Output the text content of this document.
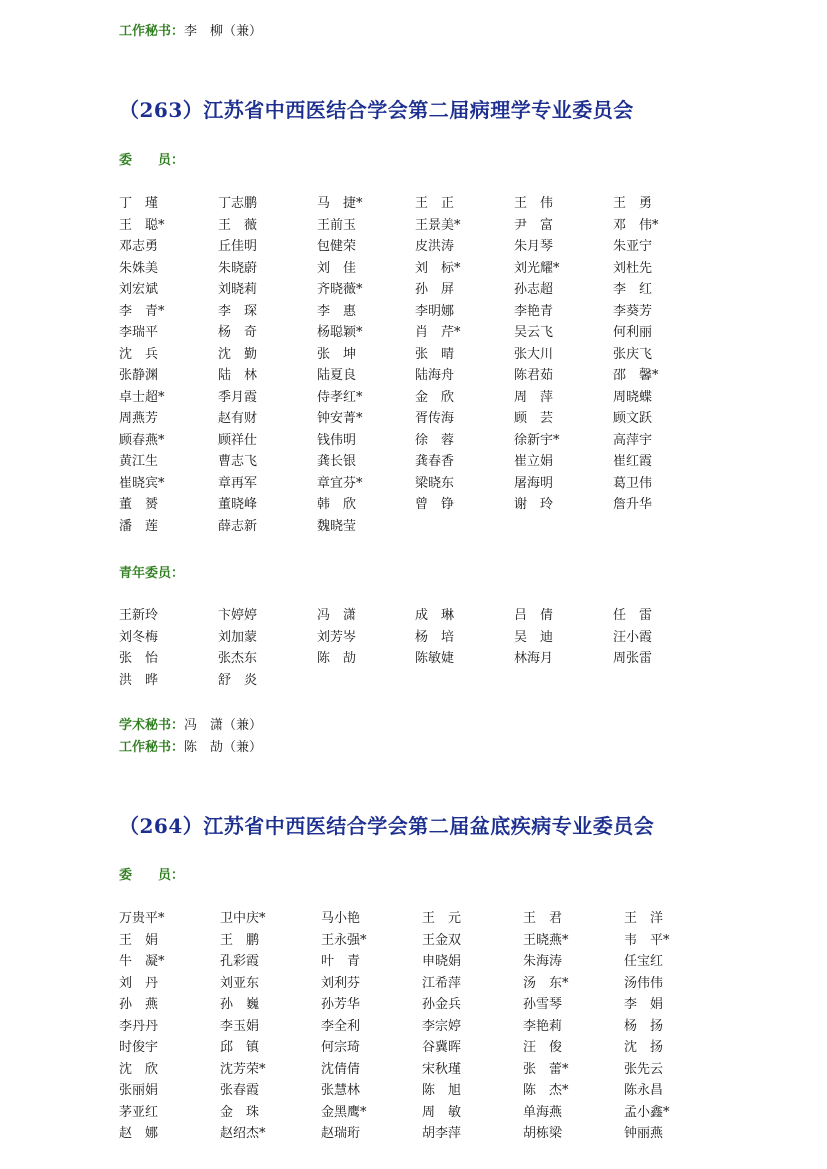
工作秘书：李　柳（兼）
（263）江苏省中西医结合学会第二届病理学专业委员会
委　　员：
丁　瑾	丁志鹏	马　捷*	王　正	王　伟	王　勇
王　聪*	王　薇	王前玉	王景美*	尹　富	邓　伟*
邓志勇	丘佳明	包健荣	皮洪涛	朱月琴	朱亚宁
朱姝美	朱晓蔚	刘　佳	刘　标*	刘光耀*	刘杜先
刘宏斌	刘晓莉	齐晓薇*	孙　屏	孙志超	李　红
李　青*	李　琛	李　惠	李明娜	李艳青	李葵芳
李瑞平	杨　奇	杨聪颖*	肖　芹*	吴云飞	何利丽
沈　兵	沈　勤	张　坤	张　晴	张大川	张庆飞
张静渊	陆　林	陆夏良	陆海舟	陈君茹	邵　馨*
卓士超*	季月霞	侍孝红*	金　欣	周　萍	周晓蝶
周燕芳	赵有财	钟安菁*	胥传海	顾　芸	顾文跃
顾春燕*	顾祥仕	钱伟明	徐　蓉	徐新宇*	高萍宇
黄江生	曹志飞	龚长银	龚春香	崔立娟	崔红霞
崔晓宾*	章再军	章宜芬*	梁晓东	屠海明	葛卫伟
董　赟	董晓峰	韩　欣	曾　铮	谢　玲	詹升华
潘　莲	薛志新	魏晓莹
青年委员：
王新玲	卞婷婷	冯　潇	成　琳	吕　倩	任　雷
刘冬梅	刘加蒙	刘芳岑	杨　培	吴　迪	汪小霞
张　怡	张杰东	陈　劼	陈敏婕	林海月	周张雷
洪　晔	舒　炎
学术秘书：冯　潇（兼）
工作秘书：陈　劼（兼）
（264）江苏省中西医结合学会第二届盆底疾病专业委员会
委　　员：
万贵平*	卫中庆*	马小艳	王　元	王　君	王　洋
王　娟	王　鹏	王永强*	王金双	王晓燕*	韦　平*
牛　凝*	孔彩霞	叶　青	申晓娟	朱海涛	任宝红
刘　丹	刘亚东	刘利芬	江希萍	汤　东*	汤伟伟
孙　燕	孙　巍	孙芳华	孙金兵	孙雪琴	李　娟
李丹丹	李玉娟	李全利	李宗婷	李艳莉	杨　扬
时俊宇	邱　镇	何宗琦	谷冀晖	汪　俊	沈　扬
沈　欣	沈芳荣*	沈倩倩	宋秋瑾	张　蕾*	张先云
张丽娟	张春霞	张慧林	陈　旭	陈　杰*	陈永昌
茅亚红	金　珠	金黑鹰*	周　敏	单海燕	孟小鑫*
赵　娜	赵绍杰*	赵瑞珩	胡李萍	胡栋梁	钟丽燕
